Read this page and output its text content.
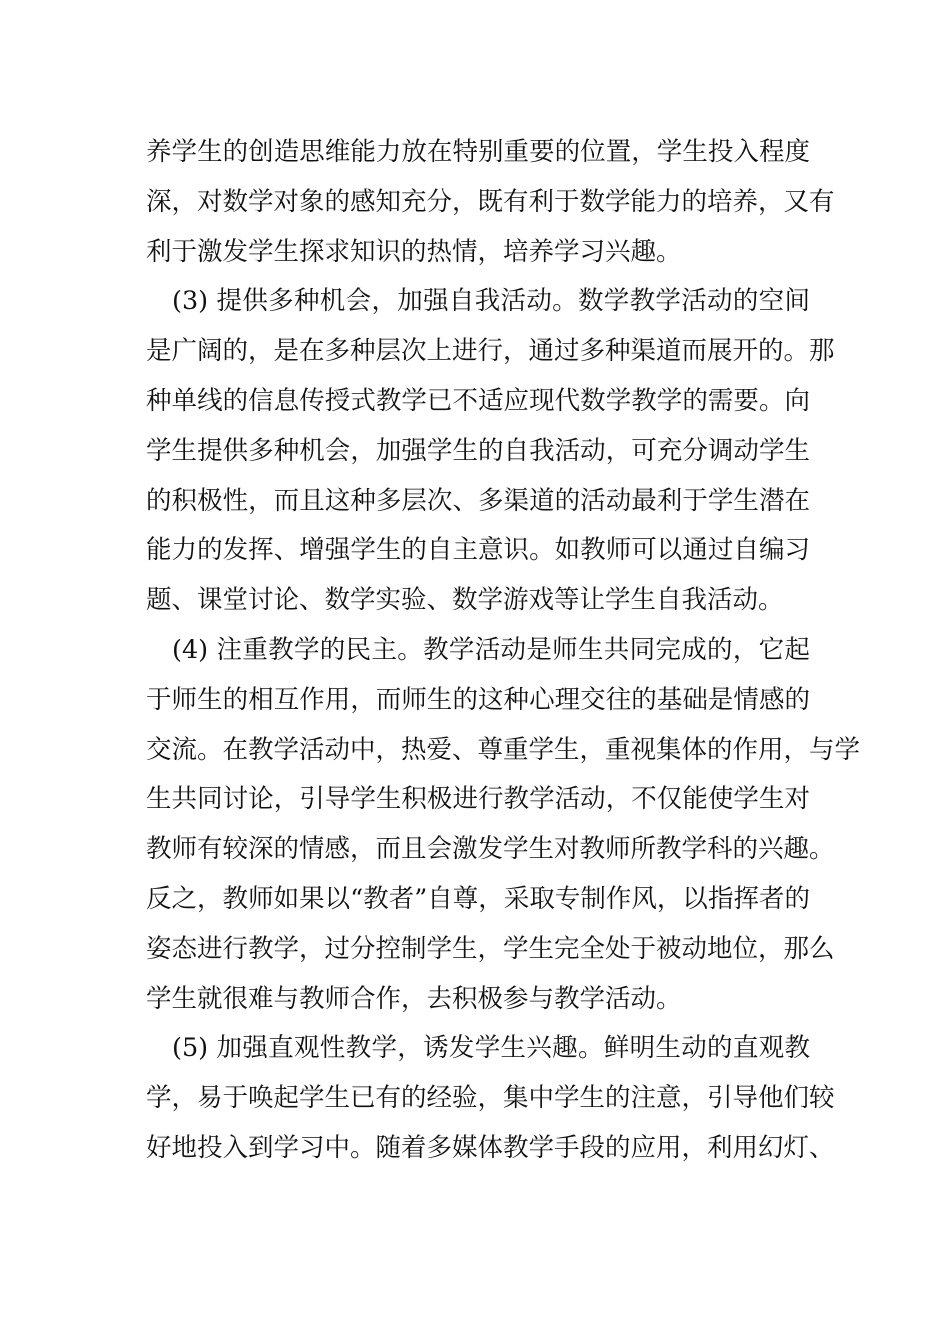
养学生的创造思维能力放在特别重要的位置，学生投入程度
深，对数学对象的感知充分，既有利于数学能力的培养，又有
利于激发学生探求知识的热情，培养学习兴趣。
(3) 提供多种机会，加强自我活动。数学教学活动的空间
是广阔的，是在多种层次上进行，通过多种渠道而展开的。那
种单线的信息传授式教学已不适应现代数学教学的需要。向
学生提供多种机会，加强学生的自我活动，可充分调动学生
的积极性，而且这种多层次、多渠道的活动最利于学生潜在
能力的发挥、增强学生的自主意识。如教师可以通过自编习
题、课堂讨论、数学实验、数学游戏等让学生自我活动。
(4) 注重教学的民主。教学活动是师生共同完成的，它起
于师生的相互作用，而师生的这种心理交往的基础是情感的
交流。在教学活动中，热爱、尊重学生，重视集体的作用，与学
生共同讨论，引导学生积极进行教学活动，不仅能使学生对
教师有较深的情感，而且会激发学生对教师所教学科的兴趣。
反之，教师如果以“教者”自尊，采取专制作风，以指挥者的
姿态进行教学，过分控制学生，学生完全处于被动地位，那么
学生就很难与教师合作，去积极参与教学活动。
(5) 加强直观性教学，诱发学生兴趣。鲜明生动的直观教
学，易于唤起学生已有的经验，集中学生的注意，引导他们较
好地投入到学习中。随着多媒体教学手段的应用，利用幻灯、
